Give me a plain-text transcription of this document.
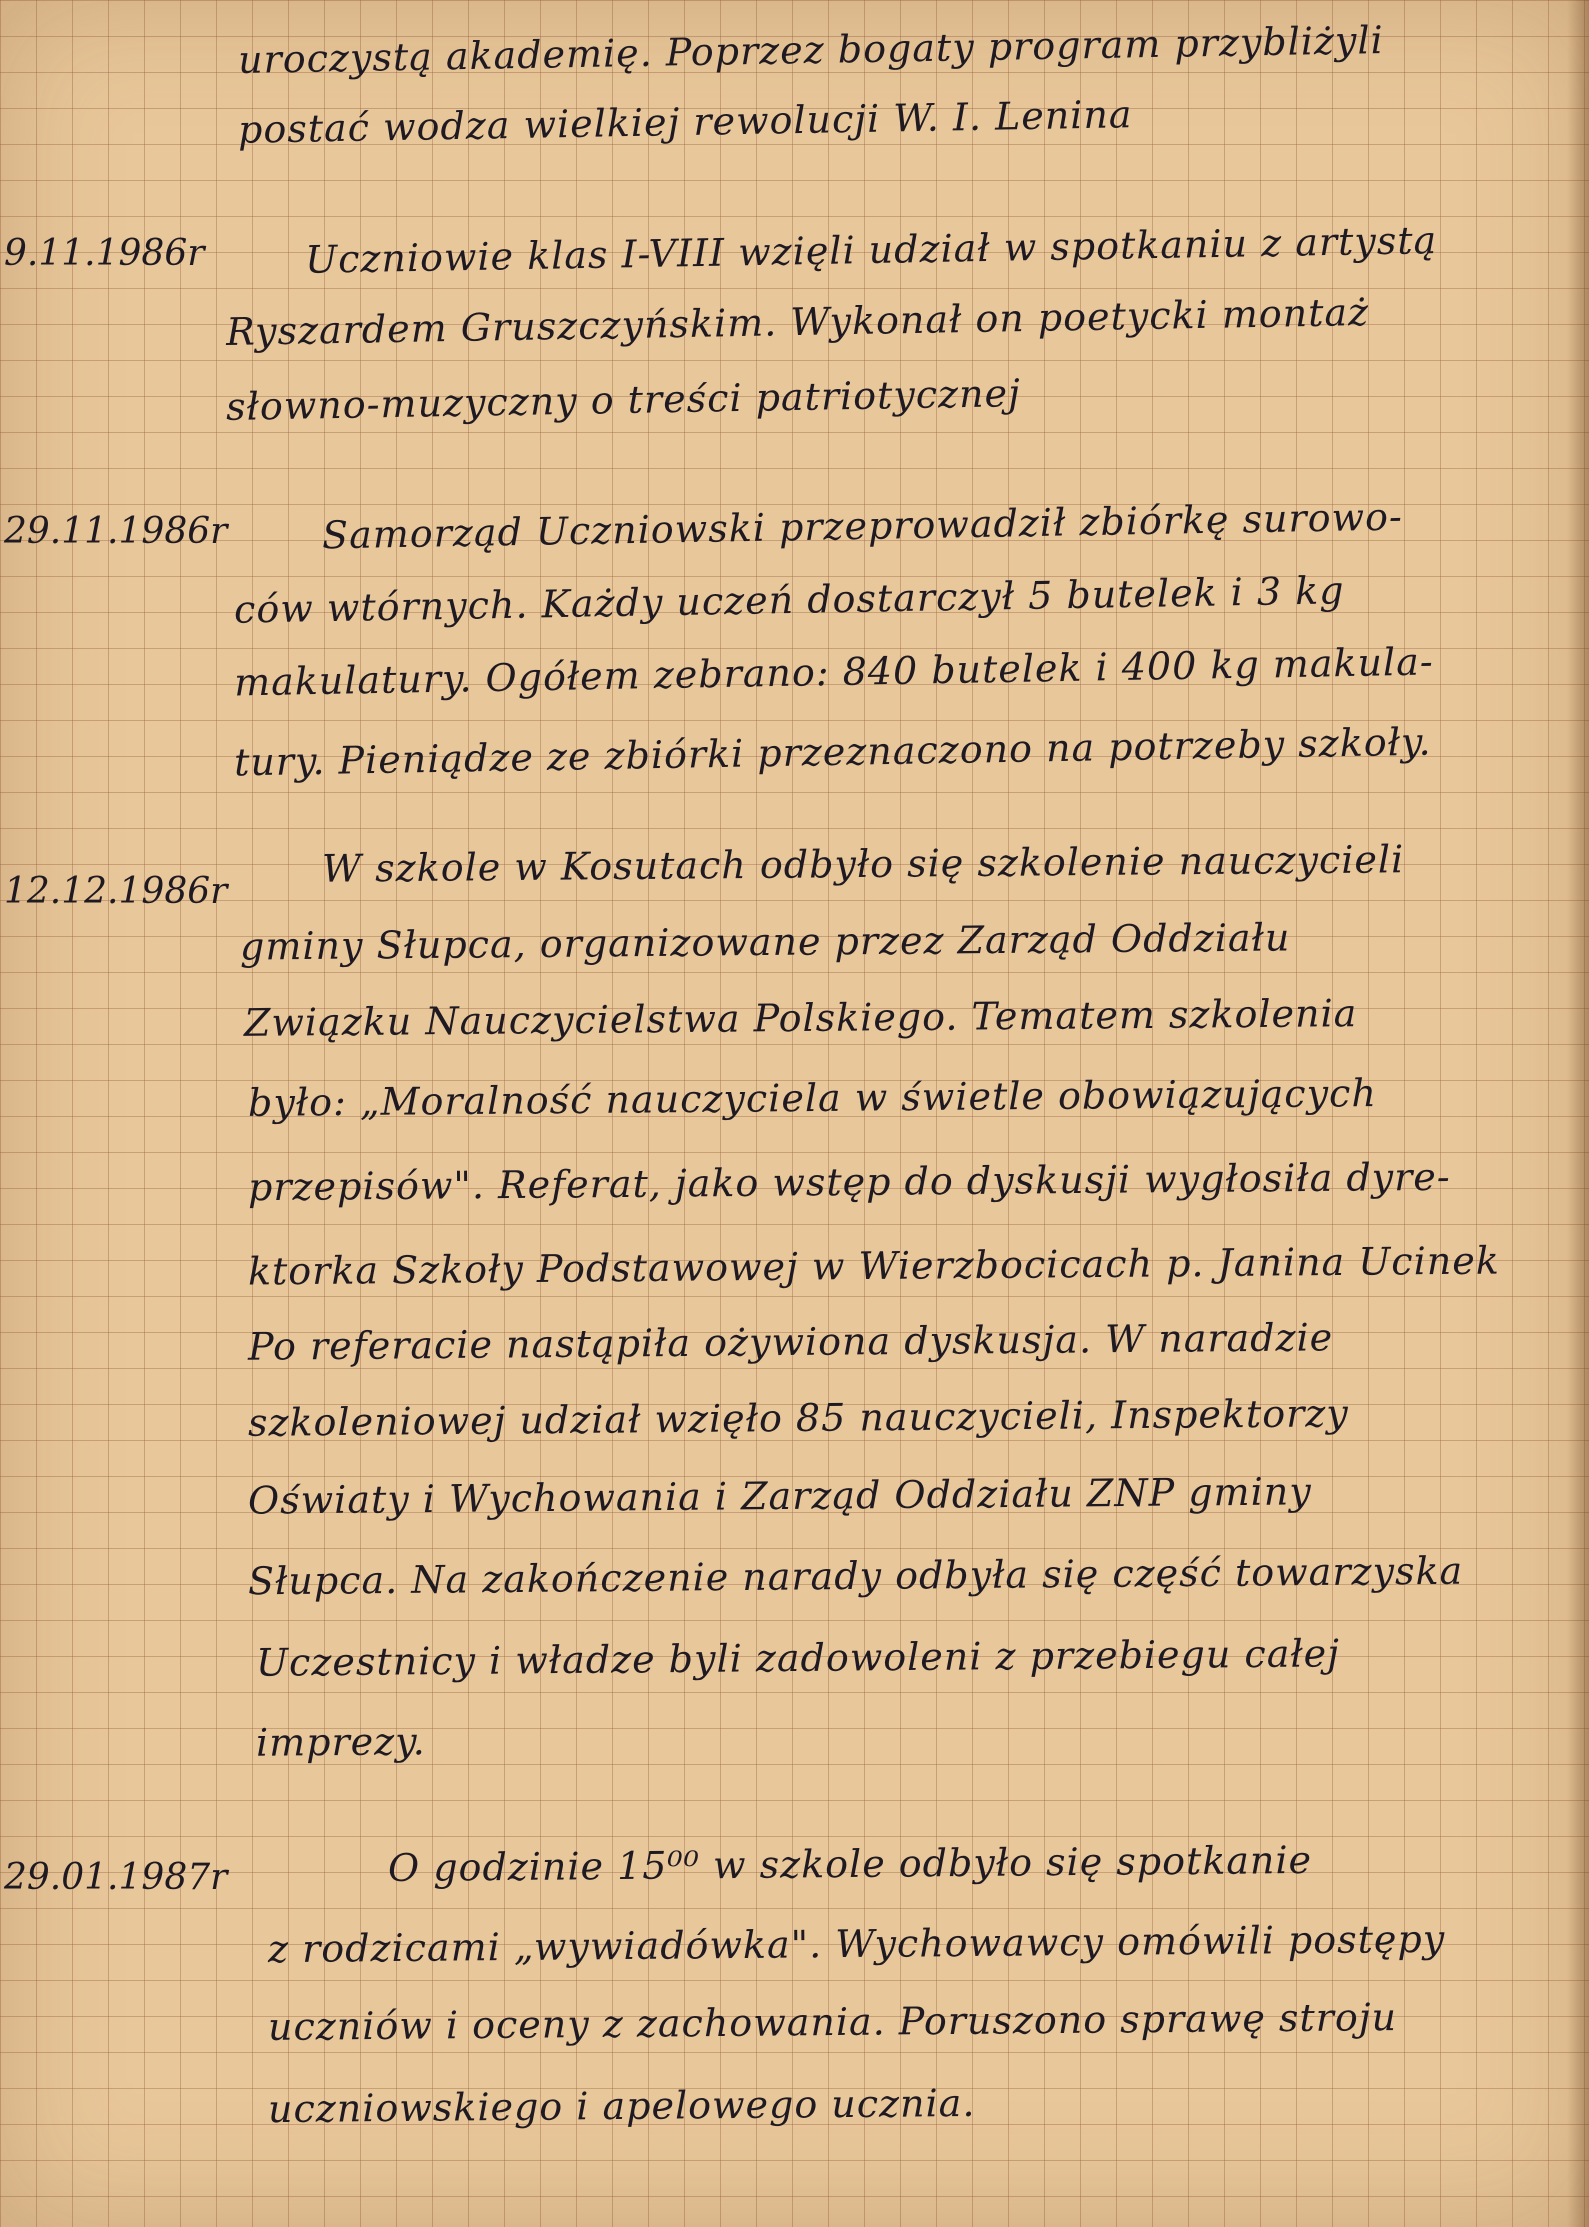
uroczystą akademię. Poprzez bogaty program przybliżyli
postać wodza wielkiej rewolucji W. I. Lenina
9.11.1986r	Uczniowie klas I-VIII wzięli udział w spotkaniu z artystą
Ryszardem Gruszczyńskim. Wykonał on poetycki montaż
słowno-muzyczny o treści patriotycznej
29.11.1986r Samorząd Uczniowski przeprowadził zbiórkę surowo-
ców wtórnych. Każdy uczeń dostarczył 5 butelek i 3 kg
makulatury. Ogółem zebrano: 840 butelek i 400 kg makula-
tury. Pieniądze ze zbiórki przeznaczono na potrzeby szkoły.
12.12.1986r
W szkole w Kosutach odbyło się szkolenie nauczycieli
gminy Słupca, organizowane przez Zarząd Oddziału
Związku Nauczycielstwa Polskiego. Tematem szkolenia
było: „Moralność nauczyciela w świetle obowiązujących
przepisów". Referat, jako wstęp do dyskusji wygłosiła dyre-
ktorka Szkoły Podstawowej w Wierzbocicach p. Janina Ucinek
Po referacie nastąpiła ożywiona dyskusja. W naradzie
szkoleniowej udział wzięło 85 nauczycieli, Inspektorzy
Oświaty i Wychowania i Zarząd Oddziału ZNP gminy
Słupca. Na zakończenie narady odbyła się część towarzyska
Uczestnicy i władze byli zadowoleni z przebiegu całej
imprezy.
29.01.1987r	O godzinie 15⁰⁰ w szkole odbyło się spotkanie
z rodzicami „wywiadówka". Wychowawcy omówili postępy
uczniów i oceny z zachowania. Poruszono sprawę stroju
uczniowskiego i apelowego ucznia.
